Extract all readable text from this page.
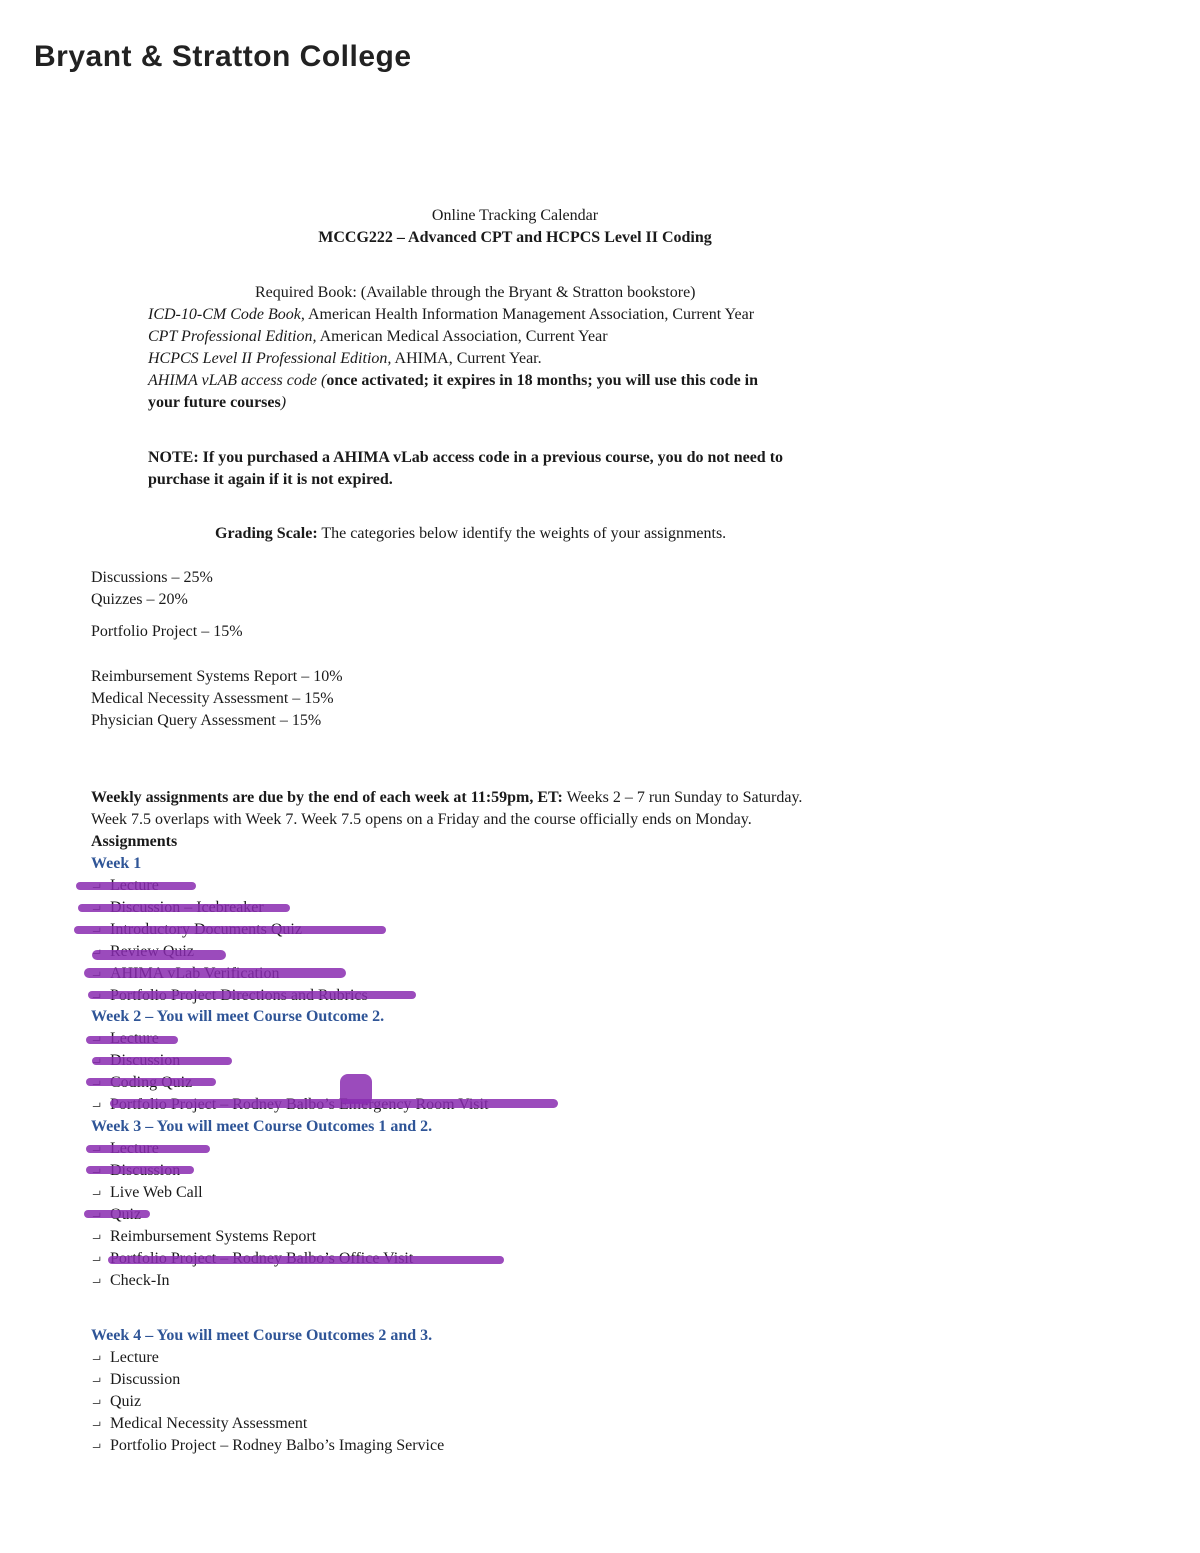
Bryant & Stratton College
Online Tracking Calendar
MCCG222 – Advanced CPT and HCPCS Level II Coding
Required Book: (Available through the Bryant & Stratton bookstore)
ICD-10-CM Code Book, American Health Information Management Association, Current Year
CPT Professional Edition, American Medical Association, Current Year
HCPCS Level II Professional Edition, AHIMA, Current Year.
AHIMA vLAB access code (once activated; it expires in 18 months; you will use this code in
your future courses)
NOTE: If you purchased a AHIMA vLab access code in a previous course, you do not need to
purchase it again if it is not expired.
Grading Scale: The categories below identify the weights of your assignments.
Discussions – 25%
Quizzes – 20%
Portfolio Project – 15%
Reimbursement Systems Report – 10%
Medical Necessity Assessment – 15%
Physician Query Assessment – 15%
Weekly assignments are due by the end of each week at 11:59pm, ET: Weeks 2 – 7 run Sunday to Saturday.
Week 7.5 overlaps with Week 7. Week 7.5 opens on a Friday and the course officially ends on Monday.
Assignments
Week 1
Week 2 – You will meet Course Outcome 2.
⌐
Week 3 – You will meet Course Outcomes 1 and 2.
⌐ Live Web Call
⌐ Reimbursement Systems Report
⌐
⌐ Check-In
Week 4 – You will meet Course Outcomes 2 and 3.
⌐ Lecture
⌐ Discussion
⌐ Quiz
⌐ Medical Necessity Assessment
⌐ Portfolio Project – Rodney Balbo’s Imaging Service
